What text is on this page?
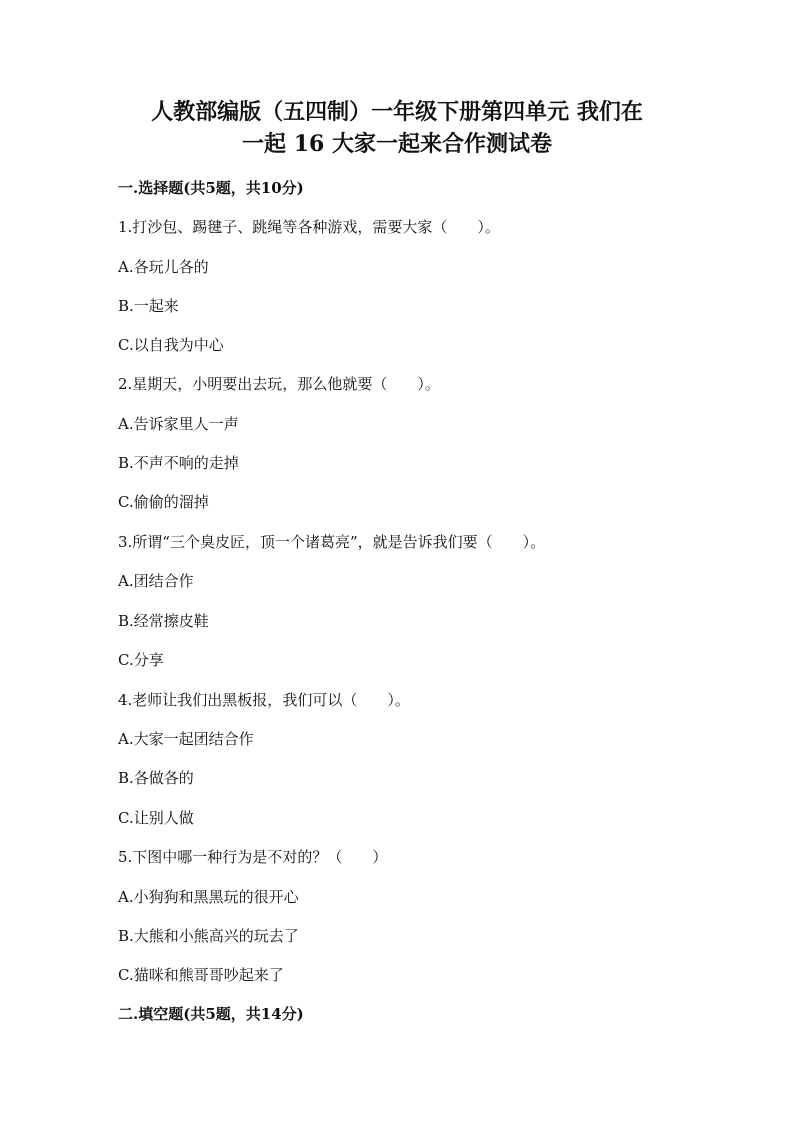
人教部编版（五四制）一年级下册第四单元 我们在
一起 16 大家一起来合作测试卷
一.选择题(共5题，共10分)
1.打沙包、踢毽子、跳绳等各种游戏，需要大家（　　）。
A.各玩儿各的
B.一起来
C.以自我为中心
2.星期天，小明要出去玩，那么他就要（　　）。
A.告诉家里人一声
B.不声不响的走掉
C.偷偷的溜掉
3.所谓“三个臭皮匠，顶一个诸葛亮”，就是告诉我们要（　　）。
A.团结合作
B.经常擦皮鞋
C.分享
4.老师让我们出黑板报，我们可以（　　）。
A.大家一起团结合作
B.各做各的
C.让别人做
5.下图中哪一种行为是不对的？（　　）
A.小狗狗和黑黑玩的很开心
B.大熊和小熊高兴的玩去了
C.猫咪和熊哥哥吵起来了
二.填空题(共5题，共14分)
